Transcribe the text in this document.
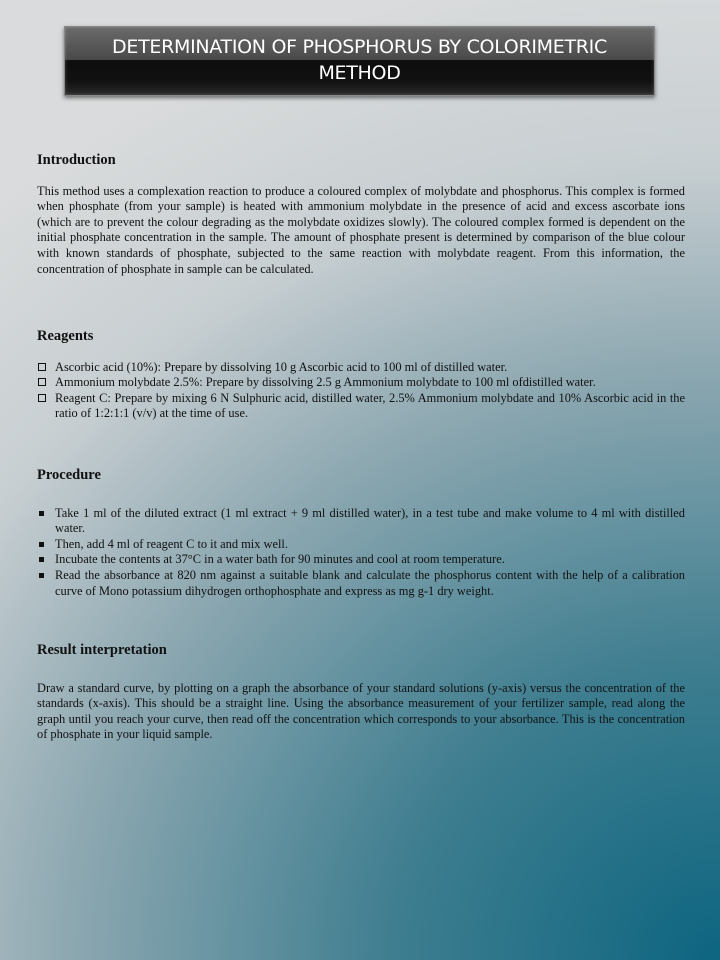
DETERMINATION OF PHOSPHORUS BY COLORIMETRIC
METHOD
Introduction

This method uses a complexation reaction to produce a coloured complex of molybdate and phosphorus. This complex is formed when phosphate (from your sample) is heated with ammonium molybdate in the presence of acid and excess ascorbate ions (which are to prevent the colour degrading as the molybdate oxidizes slowly). The coloured complex formed is dependent on the initial phosphate concentration in the sample. The amount of phosphate present is determined by comparison of the blue colour with known standards of phosphate, subjected to the same reaction with molybdate reagent. From this information, the concentration of phosphate in sample can be calculated.

Reagents
Ascorbic acid (10%): Prepare by dissolving 10 g Ascorbic acid to 100 ml of distilled water.
Ammonium molybdate 2.5%: Prepare by dissolving 2.5 g Ammonium molybdate to 100 ml ofdistilled water.
Reagent C: Prepare by mixing 6 N Sulphuric acid, distilled water, 2.5% Ammonium molybdate and 10% Ascorbic acid in the ratio of 1:2:1:1 (v/v) at the time of use.
Procedure
Take 1 ml of the diluted extract (1 ml extract + 9 ml distilled water), in a test tube and make volume to 4 ml with distilled water.
Then, add 4 ml of reagent C to it and mix well.
Incubate the contents at 37°C in a water bath for 90 minutes and cool at room temperature.
Read the absorbance at 820 nm against a suitable blank and calculate the phosphorus content with the help of a calibration curve of Mono potassium dihydrogen orthophosphate and express as mg g-1 dry weight.
Result interpretation

Draw a standard curve, by plotting on a graph the absorbance of your standard solutions (y-axis) versus the concentration of the standards (x-axis). This should be a straight line. Using the absorbance measurement of your fertilizer sample, read along the graph until you reach your curve, then read off the concentration which corresponds to your absorbance. This is the concentration of phosphate in your liquid sample.
